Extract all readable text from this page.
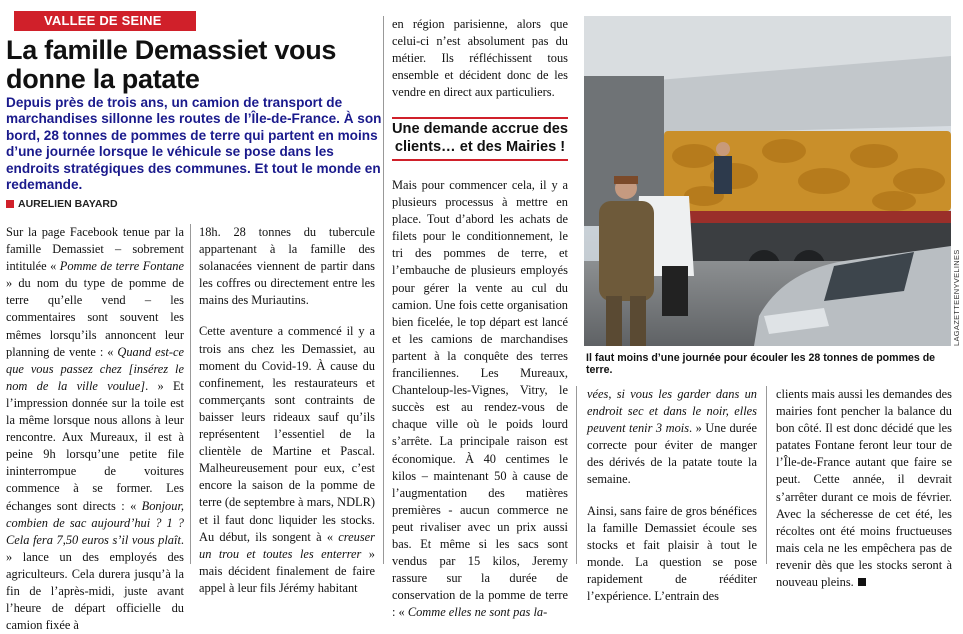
VALLEE DE SEINE
La famille Demassiet vous donne la patate
Depuis près de trois ans, un camion de transport de marchandises sillonne les routes de l’Île-de-France. À son bord, 28 tonnes de pommes de terre qui partent en moins d’une journée lorsque le véhicule se pose dans les endroits stratégiques des communes. Et tout le monde en redemande.
AURELIEN BAYARD

Sur la page Facebook tenue par la famille Demassiet – sobrement intitulée « Pomme de terre Fontane » du nom du type de pomme de terre qu’elle vend – les commentaires sont souvent les mêmes lorsqu’ils annoncent leur planning de vente : « Quand est-ce que vous passez chez [insérez le nom de la ville voulue]. » Et l’impression donnée sur la toile est la même lorsque nous allons à leur rencontre. Aux Mureaux, il est à peine 9h lorsqu’une petite file ininterrompue de voitures commence à se former. Les échanges sont directs : « Bonjour, combien de sac aujourd’hui ? 1 ? Cela fera 7,50 euros s’il vous plaît. » lance un des employés des agriculteurs. Cela durera jusqu’à la fin de l’après-midi, juste avant l’heure de départ officielle du camion fixée à

18h. 28 tonnes du tubercule appartenant à la famille des solanacées viennent de partir dans les coffres ou directement entre les mains des Muriautins.

Cette aventure a commencé il y a trois ans chez les Demassiet, au moment du Covid-19. À cause du confinement, les restaurateurs et commerçants sont contraints de baisser leurs rideaux sauf qu’ils représentent l’essentiel de la clientèle de Martine et Pascal. Malheureusement pour eux, c’est encore la saison de la pomme de terre (de septembre à mars, NDLR) et il faut donc liquider les stocks. Au début, ils songent à « creuser un trou et toutes les enterrer » mais décident finalement de faire appel à leur fils Jérémy habitant

en région parisienne, alors que celui-ci n’est absolument pas du métier. Ils réfléchissent tous ensemble et décident donc de les vendre en direct aux particuliers.

Une demande accrue des clients… et des Mairies !

Mais pour commencer cela, il y a plusieurs processus à mettre en place. Tout d’abord les achats de filets pour le conditionnement, le tri des pommes de terre, et l’embauche de plusieurs employés pour gérer la vente au cul du camion. Une fois cette organisation bien ficelée, le top départ est lancé et les camions de marchandises partent à la conquête des terres franciliennes. Les Mureaux, Chanteloup-les-Vignes, Vitry, le succès est au rendez-vous de chaque ville où le poids lourd s’arrête. La principale raison est économique. À 40 centimes le kilos – maintenant 50 à cause de l’augmentation des matières premières - aucun commerce ne peut rivaliser avec un prix aussi bas. Et même si les sacs sont vendus par 15 kilos, Jeremy rassure sur la durée de conservation de la pomme de terre : « Comme elles ne sont pas la-

LAGAZETTEENYVELINES
Il faut moins d’une journée pour écouler les 28 tonnes de pommes de terre.

vées, si vous les garder dans un endroit sec et dans le noir, elles peuvent tenir 3 mois. » Une durée correcte pour éviter de manger des dérivés de la patate toute la semaine.

Ainsi, sans faire de gros bénéfices la famille Demassiet écoule ses stocks et fait plaisir à tout le monde. La question se pose rapidement de rééditer l’expérience. L’entrain des

clients mais aussi les demandes des mairies font pencher la balance du bon côté. Il est donc décidé que les patates Fontane feront leur tour de l’Île-de-France autant que faire se peut. Cette année, il devrait s’arrêter durant ce mois de février. Avec la sécheresse de cet été, les récoltes ont été moins fructueuses mais cela ne les empêchera pas de revenir dès que les stocks seront à nouveau pleins.
